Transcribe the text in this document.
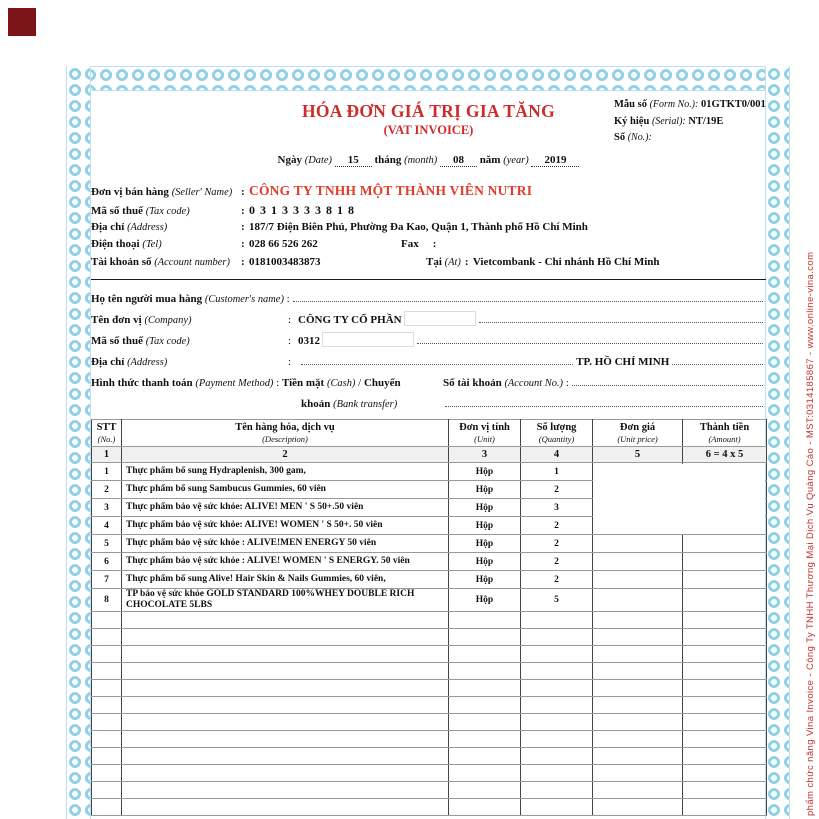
phẩm chức năng Vina Invoice - Công Ty TNHH Thương Mại Dịch Vụ Quảng Cáo - MST:0314185867 - www.online-vina.com
HÓA ĐƠN GIÁ TRỊ GIA TĂNG
(VAT INVOICE)
Mẫu số (Form No.): 01GTKT0/001
Ký hiệu (Serial): NT/19E
Số (No.):
Ngày (Date) 15 tháng (month) 08 năm (year) 2019
Đơn vị bán hàng (Seller' Name) : CÔNG TY TNHH MỘT THÀNH VIÊN NUTRI
Mã số thuế (Tax code)	: 0 3 1 3 3 3 3 8 1 8
Địa chỉ (Address)	: 187/7 Điện Biên Phủ, Phường Đa Kao, Quận 1, Thành phố Hồ Chí Minh
Điện thoại (Tel)	: 028 66 526 262	Fax :
Tài khoản số (Account number)	: 0181003483873	Tại (At) : Vietcombank - Chi nhánh Hồ Chí Minh
Họ tên người mua hàng (Customer's name) :
Tên đơn vị (Company)	: CÔNG TY CỔ PHẦN
Mã số thuế (Tax code)	: 0312
Địa chỉ (Address)	:	TP. HỒ CHÍ MINH
Hình thức thanh toán (Payment Method) : Tiền mặt (Cash) / Chuyển	Số tài khoản (Account No.) :
khoản (Bank transfer)
STT
(No.)

Tên hàng hóa, dịch vụ
(Description)

Đơn vị tính
(Unit)

Số lượng
(Quantity)

Đơn giá
(Unit price)

Thành tiền
(Amount)

1	2	3	4	5	6 = 4 x 5
1	Thực phẩm bổ sung Hydraplenish, 300 gam,	Hộp	1		
2	Thực phẩm bổ sung Sambucus Gummies, 60 viên	Hộp	2		
3	Thực phẩm bảo vệ sức khỏe: ALIVE! MEN ' S 50+.50 viên	Hộp	3		
4	Thực phẩm bảo vệ sức khỏe: ALIVE! WOMEN ' S 50+. 50 viên	Hộp	2		
5	Thực phẩm bảo vệ sức khỏe : ALIVE!MEN ENERGY 50 viên	Hộp	2		
6	Thực phẩm bảo vệ sức khỏe : ALIVE! WOMEN ' S ENERGY. 50 viên	Hộp	2		
7	Thực phẩm bổ sung Alive! Hair Skin & Nails Gummies, 60 viên,	Hộp	2		
8	TP bảo vệ sức khỏe GOLD STANDARD 100%WHEY DOUBLE RICH CHOCOLATE 5LBS	Hộp	5		
